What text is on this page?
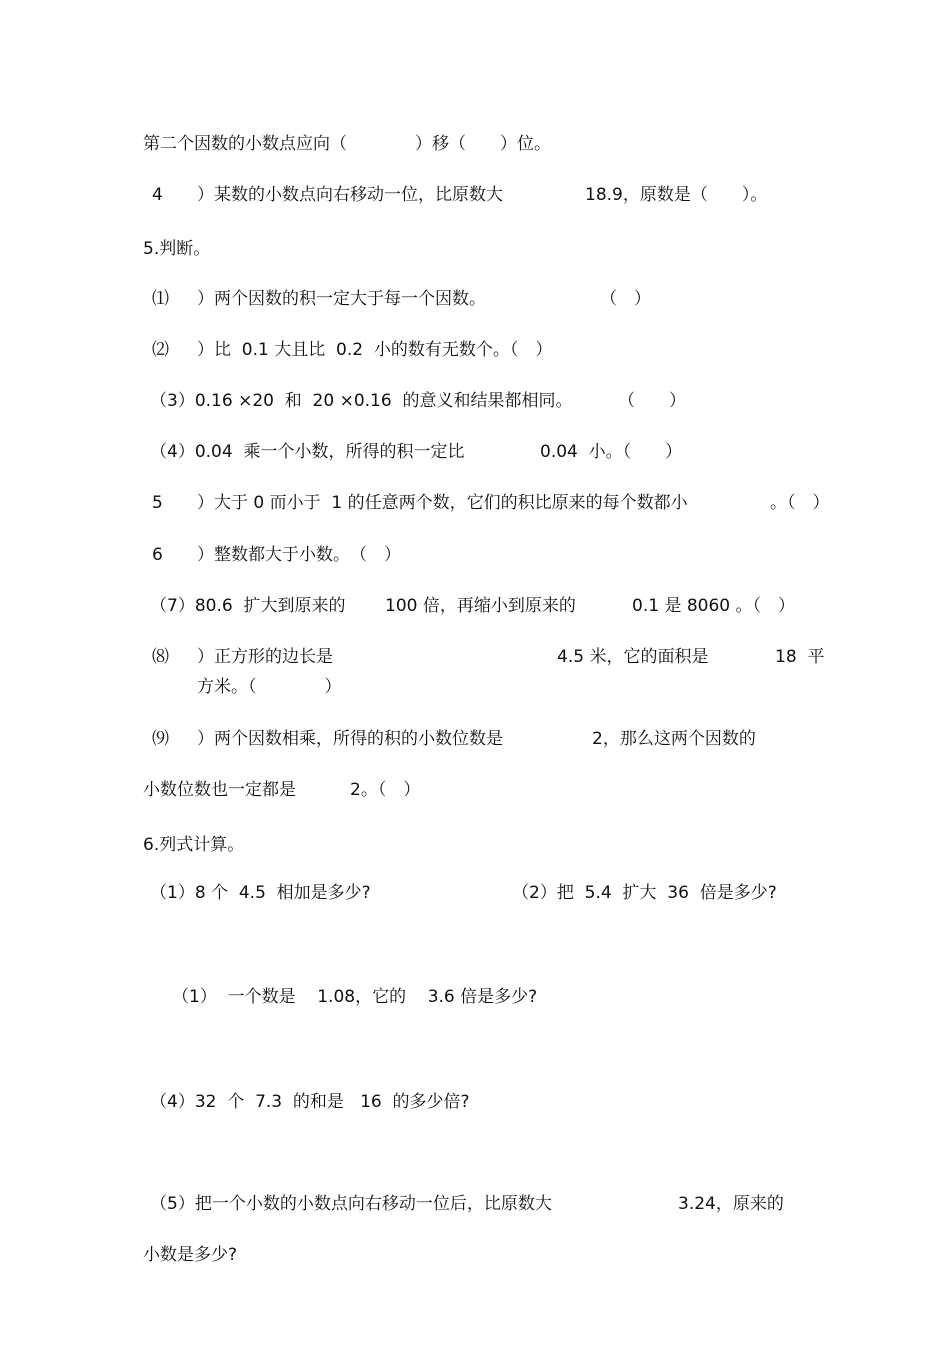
第二个因数的小数点应向（　　　　）移（　　）位。
4 ）某数的小数点向右移动一位，比原数大	18.9，原数是（　　）。
5.判断。
⑴ ）两个因数的积一定大于每一个因数。	（　）
⑵ ）比  0.1 大且比  0.2  小的数有无数个。（　）
（3）0.16 ×20  和  20 ×0.16  的意义和结果都相同。	（　　）
（4）0.04  乘一个小数，所得的积一定比	0.04  小。（　　）
5 ）大于 0 而小于  1 的任意两个数，它们的积比原来的每个数都小	。（　）
6 ）整数都大于小数。　（　）
（7）80.6  扩大到原来的 100 倍，再缩小到原来的	0.1 是 8060 。（　）
⑻ ）正方形的边长是	4.5 米，它的面积是	18  平
方米。（　　　　）
⑼ ）两个因数相乘，所得的积的小数位数是	2，那么这两个因数的
小数位数也一定都是	2。（　）
6.列式计算。
（1）8 个  4.5  相加是多少?	（2）把  5.4  扩大  36  倍是多少?
（1）  一个数是    1.08，它的    3.6 倍是多少?
（4）32  个  7.3  的和是   16  的多少倍?
（5）把一个小数的小数点向右移动一位后，比原数大	3.24，原来的
小数是多少?
